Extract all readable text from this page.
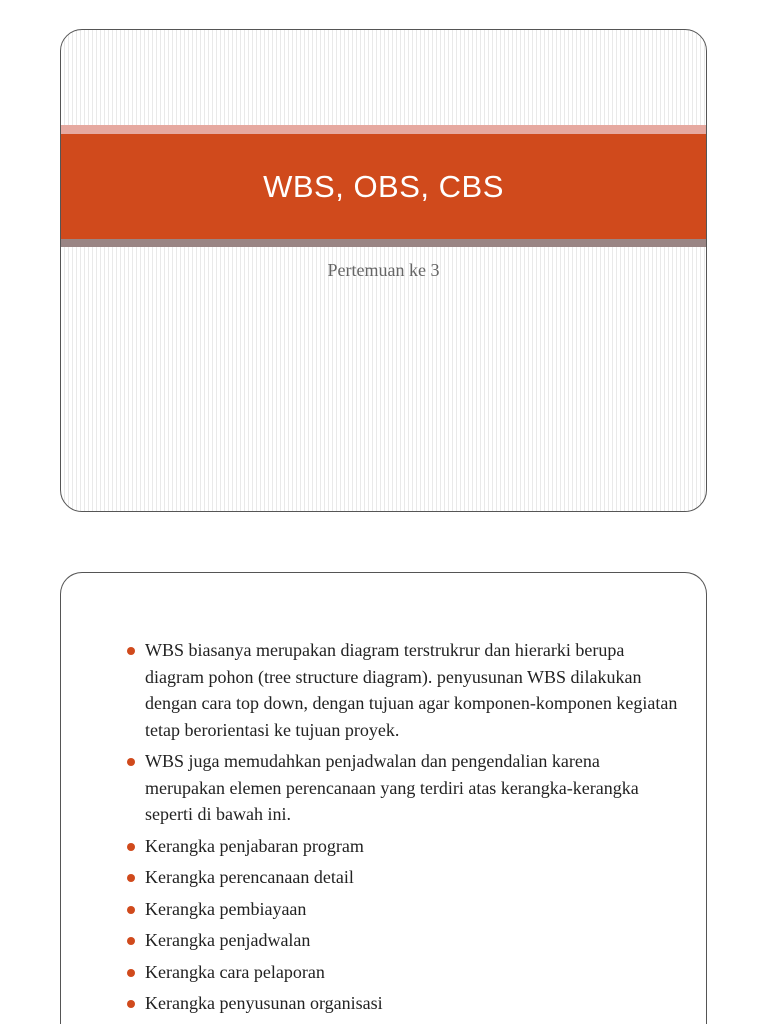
WBS, OBS, CBS
Pertemuan ke 3
WBS biasanya merupakan diagram terstrukrur dan hierarki berupa diagram pohon (tree structure diagram). penyusunan WBS dilakukan dengan cara top down, dengan tujuan agar komponen-komponen kegiatan tetap berorientasi ke tujuan proyek.
WBS juga memudahkan penjadwalan dan pengendalian karena merupakan elemen perencanaan yang terdiri atas kerangka-kerangka seperti di bawah ini.
Kerangka penjabaran program
Kerangka perencanaan detail
Kerangka pembiayaan
Kerangka penjadwalan
Kerangka cara pelaporan
Kerangka penyusunan organisasi
